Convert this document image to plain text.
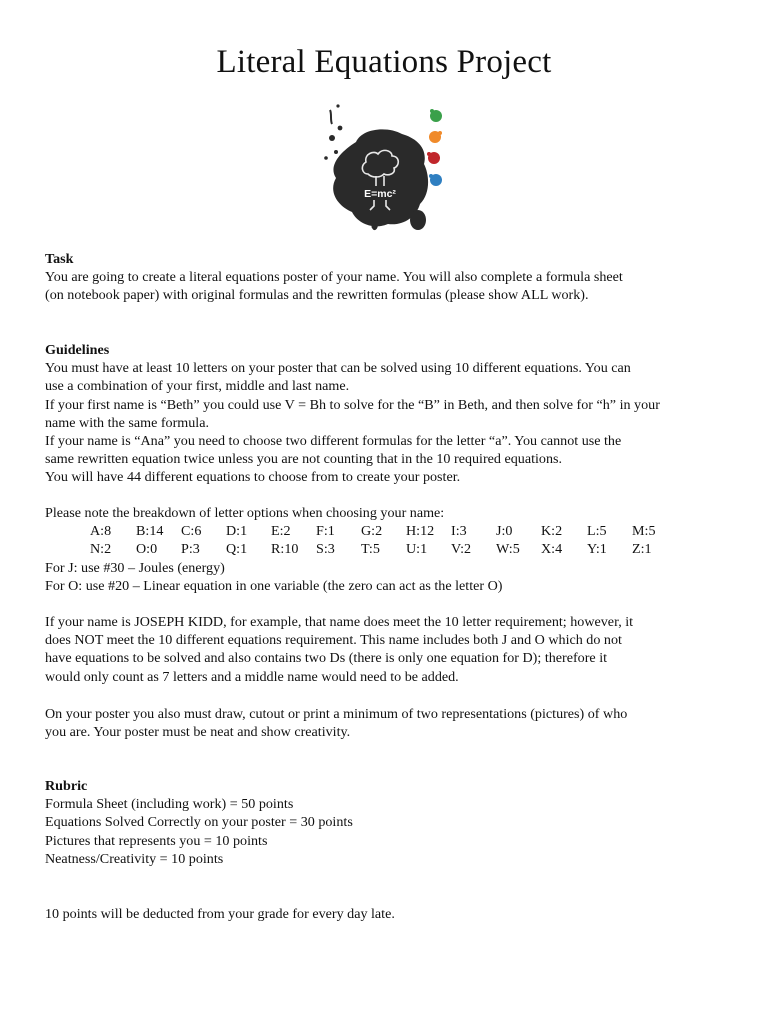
Literal Equations Project
E=mc²

Task

You are going to create a literal equations poster of your name. You will also complete a formula sheet

(on notebook paper) with original formulas and the rewritten formulas (please show ALL work).

Guidelines

You must have at least 10 letters on your poster that can be solved using 10 different equations. You can

use a combination of your first, middle and last name.

If your first name is “Beth” you could use V = Bh to solve for the “B” in Beth, and then solve for “h” in your

name with the same formula.

If your name is “Ana” you need to choose two different formulas for the letter “a”. You cannot use the

same rewritten equation twice unless you are not counting that in the 10 required equations.

You will have 44 different equations to choose from to create your poster.

Please note the breakdown of letter options when choosing your name:

A:8 B:14 C:6 D:1 E:2 F:1 G:2 H:12 I:3 J:0 K:2 L:5 M:5
N:2 O:0 P:3 Q:1 R:10 S:3 T:5 U:1 V:2 W:5 X:4 Y:1 Z:1

For J: use #30 – Joules (energy)

For O: use #20 – Linear equation in one variable (the zero can act as the letter O)

If your name is JOSEPH KIDD, for example, that name does meet the 10 letter requirement; however, it

does NOT meet the 10 different equations requirement. This name includes both J and O which do not

have equations to be solved and also contains two Ds (there is only one equation for D); therefore it

would only count as 7 letters and a middle name would need to be added.

On your poster you also must draw, cutout or print a minimum of two representations (pictures) of who

you are. Your poster must be neat and show creativity.

Rubric

Formula Sheet (including work) = 50 points

Equations Solved Correctly on your poster = 30 points

Pictures that represents you = 10 points

Neatness/Creativity = 10 points

10 points will be deducted from your grade for every day late.
